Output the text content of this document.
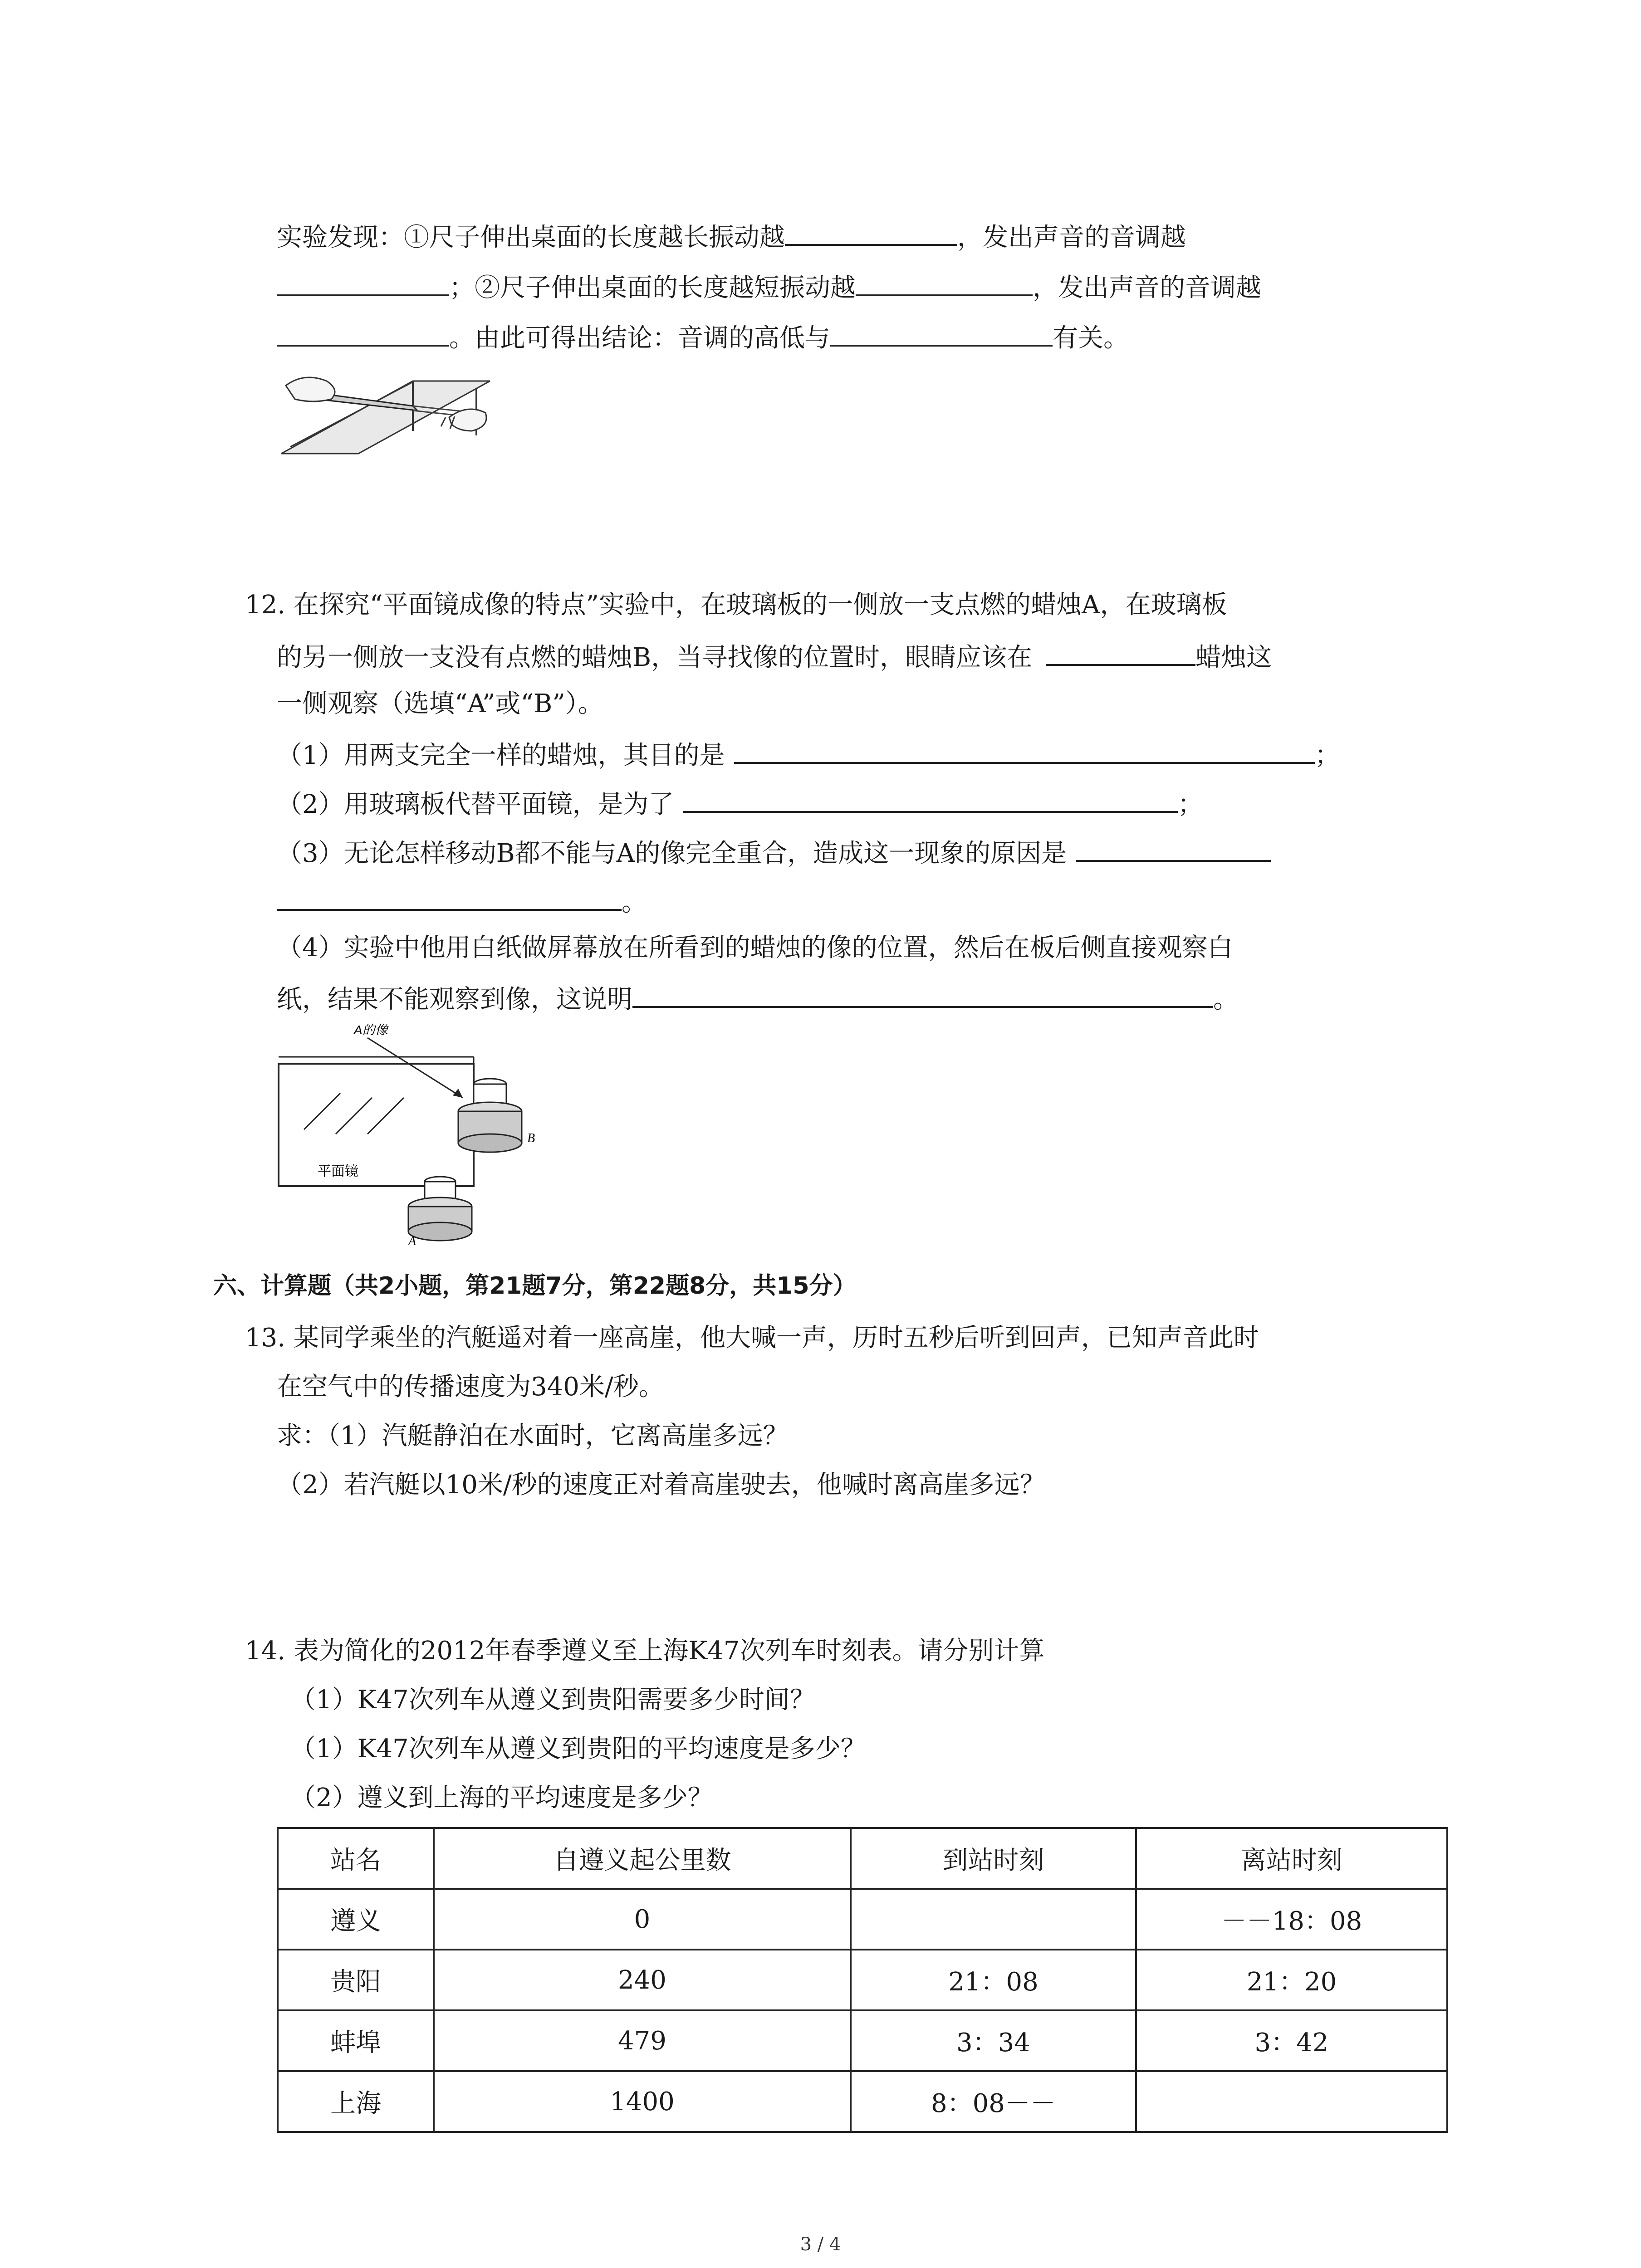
实验发现：①尺子伸出桌面的长度越长振动越	，发出声音的音调越
；②尺子伸出桌面的长度越短振动越	，发出声音的音调越
。由此可得出结论：音调的高低与	有关。
12. 在探究“平面镜成像的特点”实验中，在玻璃板的一侧放一支点燃的蜡烛A，在玻璃板
的另一侧放一支没有点燃的蜡烛B，当寻找像的位置时，眼睛应该在	蜡烛这
一侧观察（选填“A”或“B”）。
（1）用两支完全一样的蜡烛，其目的是	；
（2）用玻璃板代替平面镜，是为了	；
（3）无论怎样移动B都不能与A的像完全重合，造成这一现象的原因是
。
（4）实验中他用白纸做屏幕放在所看到的蜡烛的像的位置，然后在板后侧直接观察白
纸，结果不能观察到像，这说明	。
A的像
平面镜
B
A
六、计算题（共2小题，第21题7分，第22题8分，共15分）
13. 某同学乘坐的汽艇遥对着一座高崖，他大喊一声，历时五秒后听到回声，已知声音此时
在空气中的传播速度为340米/秒。
求：（1）汽艇静泊在水面时，它离高崖多远？
（2）若汽艇以10米/秒的速度正对着高崖驶去，他喊时离高崖多远？
14. 表为简化的2012年春季遵义至上海K47次列车时刻表。请分别计算
（1）K47次列车从遵义到贵阳需要多少时间？
（1）K47次列车从遵义到贵阳的平均速度是多少？
（2）遵义到上海的平均速度是多少？
站名	自遵义起公里数	到站时刻	离站时刻
遵义	0		－－18：08
贵阳	240	21：08	21：20
蚌埠	479	3：34	3：42
上海	1400	8：08－－	
3 / 4
